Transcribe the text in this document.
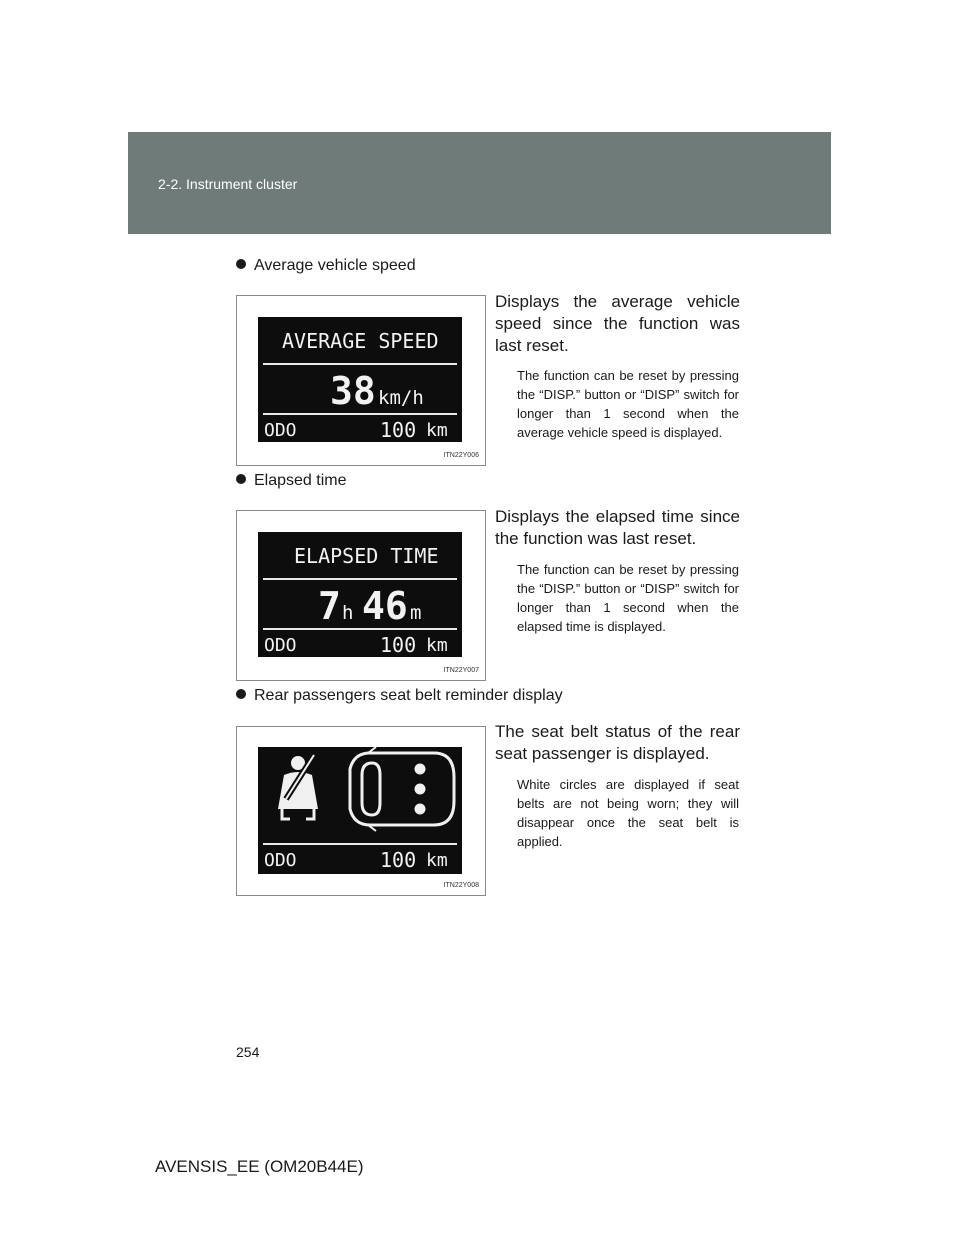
2-2. Instrument cluster
Average vehicle speed
AVERAGE SPEED
38 km/h
ODO	100 km
ITN22Y006
Displays the average vehicle speed since the function was last reset.
The function can be reset by pressing the “DISP.” button or “DISP” switch for longer than 1 second when the average vehicle speed is displayed.
Elapsed time
ELAPSED TIME
7 h 46 m
ODO	100 km
ITN22Y007
Displays the elapsed time since the function was last reset.
The function can be reset by pressing the “DISP.” button or “DISP” switch for longer than 1 second when the elapsed time is displayed.
Rear passengers seat belt reminder display
ODO	100 km
ITN22Y008
The seat belt status of the rear seat passenger is displayed.
White circles are displayed if seat belts are not being worn; they will disappear once the seat belt is applied.
254
AVENSIS_EE (OM20B44E)
